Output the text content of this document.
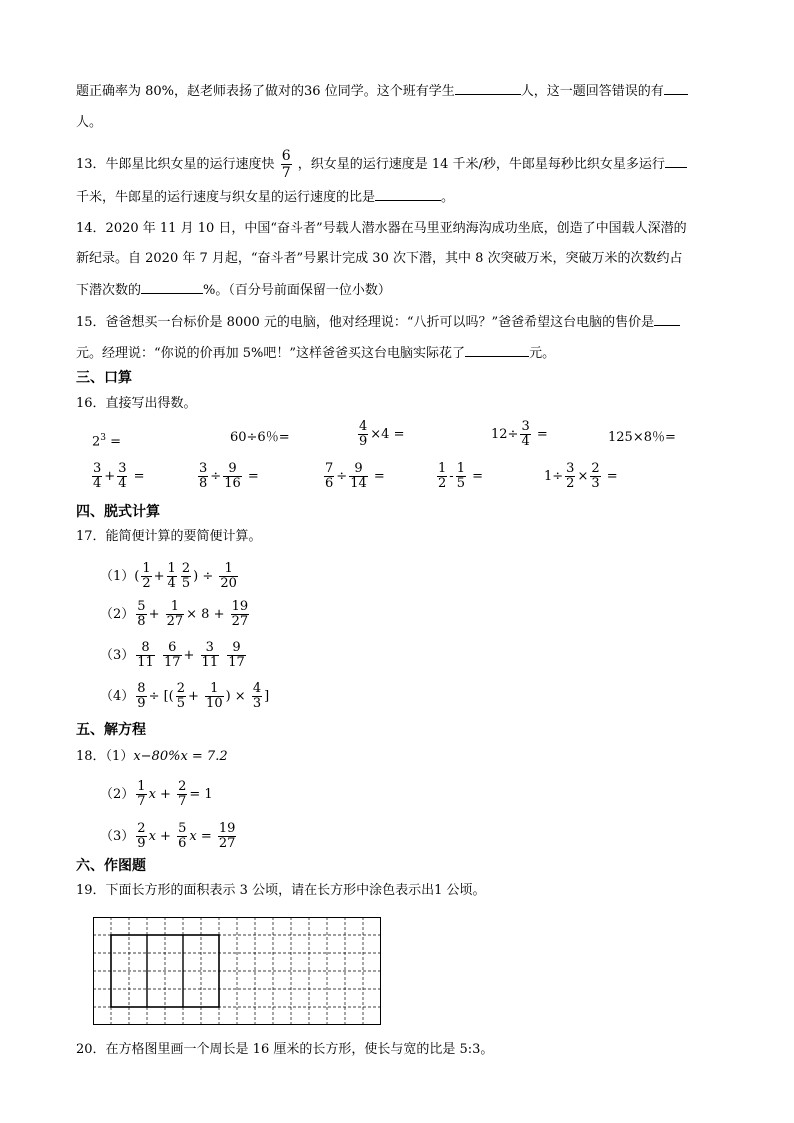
题正确率为 80%，赵老师表扬了做对的36 位同学。这个班有学生	人，这一题回答错误的有
人。
13．牛郎星比织女星的运行速度快 $\frac{6}{7}$ ，织女星的运行速度是 14 千米/秒，牛郎星每秒比织女星多运行
千米，牛郎星的运行速度与织女星的运行速度的比是	。
14．2020 年 11 月 10 日，中国“奋斗者”号载人潜水器在马里亚纳海沟成功坐底，创造了中国载人深潜的
新纪录。自 2020 年 7 月起，“奋斗者”号累计完成 30 次下潜，其中 8 次突破万米，突破万米的次数约占
下潜次数的	%。（百分号前面保留一位小数）
15．爸爸想买一台标价是 8000 元的电脑，他对经理说：“八折可以吗？”爸爸希望这台电脑的售价是
元。经理说：“你说的价再加 5%吧！”这样爸爸买这台电脑实际花了	元。
三、口算
16．直接写出得数。
$2^3$ =	60÷6％=	$\frac{4}{9} \times 4$ =	$12\div \frac{3}{4}$ =	125×8％=
$\frac{3}{4} + \frac{3}{4}$ =	$\frac{3}{8} \div \frac{9}{16}$ =	$\frac{7}{6} \div \frac{9}{14}$ =	$\frac{1}{2} - \frac{1}{5}$ =	$1\div \frac{3}{2} \times \frac{2}{3}$ =
四、脱式计算
17．能简便计算的要简便计算。
$(1)( \frac{1}{2} + \frac{1}{4} \frac{2}{5}$ ) ÷ $\frac{1}{20}$
$(2) \frac{5}{8} + \frac{1}{27} \times 8 + \frac{19}{27}$
$(3) \frac{8}{11}$
$\frac{6}{17} + \frac{3}{11}$
$\frac{9}{17}$
$(4) \frac{8}{9}$ ÷ [( $\frac{2}{5} + \frac{1}{10}$ ) × $\frac{4}{3}$ ]
五、解方程
18．（1）x−80%x = 7.2
$(2) \frac{1}{7}$ $x + \frac{2}{7} = 1$
$(3) \frac{2}{9}$ $x + \frac{5}{6}$ $x = \frac{19}{27}$
六、作图题
19．下面长方形的面积表示 3 公顷，请在长方形中涂色表示出1 公顷。
20．在方格图里画一个周长是 16 厘米的长方形，使长与宽的比是 5:3。
